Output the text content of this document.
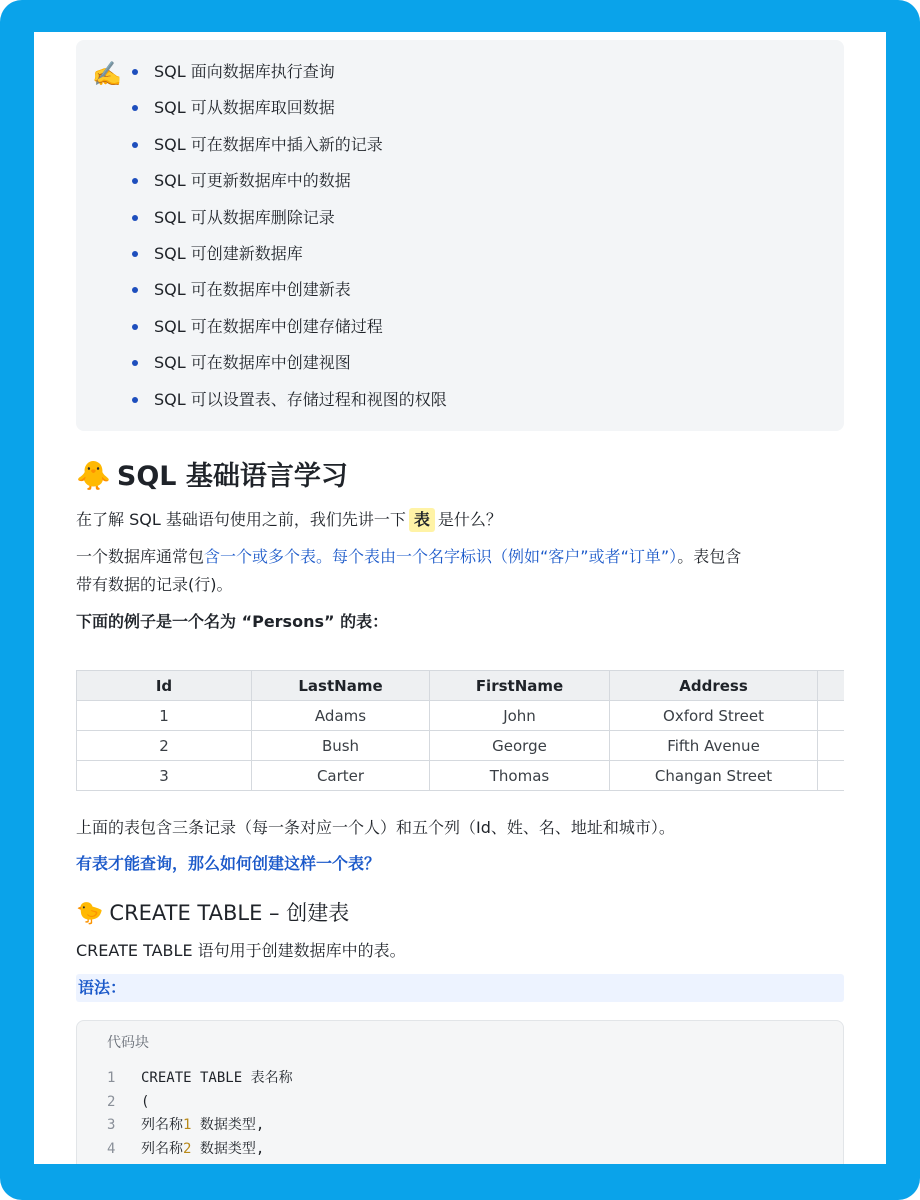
✍️	SQL 面向数据库执行查询
SQL 可从数据库取回数据
SQL 可在数据库中插入新的记录
SQL 可更新数据库中的数据
SQL 可从数据库删除记录
SQL 可创建新数据库
SQL 可在数据库中创建新表
SQL 可在数据库中创建存储过程
SQL 可在数据库中创建视图
SQL 可以设置表、存储过程和视图的权限
🐥 SQL 基础语言学习
在了解 SQL 基础语句使用之前，我们先讲一下 表 是什么？
一个数据库通常包含一个或多个表。每个表由一个名字标识（例如“客户”或者“订单”）。表包含
带有数据的记录(行)。
下面的例子是一个名为 “Persons” 的表：
Id	LastName	FirstName	Address	
1	Adams	John	Oxford Street	
2	Bush	George	Fifth Avenue	
3	Carter	Thomas	Changan Street	
上面的表包含三条记录（每一条对应一个人）和五个列（Id、姓、名、地址和城市）。
有表才能查询，那么如何创建这样一个表？
🐤 CREATE TABLE – 创建表
CREATE TABLE 语句用于创建数据库中的表。
语法：
代码块
1 CREATE TABLE 表名称
2 (
3 列名称1 数据类型,
4 列名称2 数据类型,
